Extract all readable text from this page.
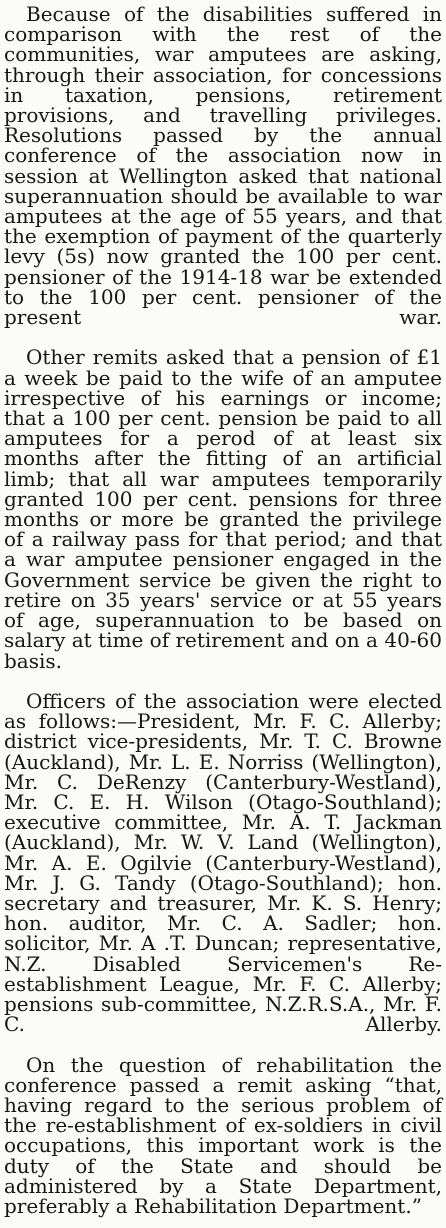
Because of the disabilities suffered in comparison with the rest of the communities, war amputees are asking, through their association, for concessions in taxation, pensions, retirement provisions, and travelling privileges. Resolutions passed by the annual conference of the association now in session at Wellington asked that national superannuation should be available to war amputees at the age of 55 years, and that the exemption of payment of the quarterly levy (5s) now granted the 100 per cent. pensioner of the 1914-18 war be extended to the 100 per cent. pensioner of the present war.

Other remits asked that a pension of £1 a week be paid to the wife of an amputee irrespective of his earnings or income; that a 100 per cent. pension be paid to all amputees for a perod of at least six months after the fitting of an artificial limb; that all war amputees temporarily granted 100 per cent. pensions for three months or more be granted the privilege of a railway pass for that period; and that a war amputee pensioner engaged in the Government service be given the right to retire on 35 years' service or at 55 years of age, superannuation to be based on salary at time of retirement and on a 40-60 basis.

Officers of the association were elected as follows:—President, Mr. F. C. Allerby; district vice-presidents, Mr. T. C. Browne (Auckland), Mr. L. E. Norriss (Wellington), Mr. C. DeRenzy (Canterbury-Westland), Mr. C. E. H. Wilson (Otago-Southland); executive committee, Mr. A. T. Jackman (Auckland), Mr. W. V. Land (Wellington), Mr. A. E. Ogilvie (Canterbury-Westland), Mr. J. G. Tandy (Otago-Southland); hon. secretary and treasurer, Mr. K. S. Henry; hon. auditor, Mr. C. A. Sadler; hon. solicitor, Mr. A .T. Duncan; representative, N.Z. Disabled Servicemen's Re-establishment League, Mr. F. C. Allerby; pensions sub-committee, N.Z.R.S.A., Mr. F. C. Allerby.

On the question of rehabilitation the conference passed a remit asking “that, having regard to the serious problem of the re-establishment of ex-soldiers in civil occupations, this important work is the duty of the State and should be administered by a State Department, preferably a Rehabilitation Department.”
